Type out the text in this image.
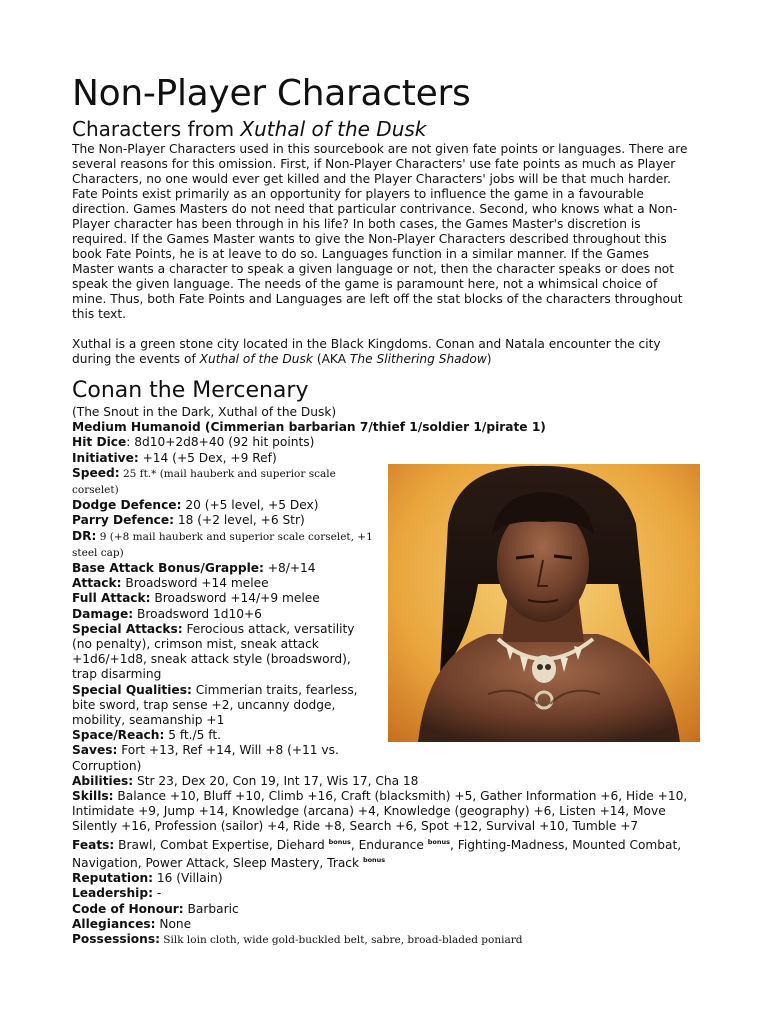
Non-Player Characters
Characters from Xuthal of the Dusk

The Non-Player Characters used in this sourcebook are not given fate points or languages. There are several reasons for this omission. First, if Non-Player Characters' use fate points as much as Player Characters, no one would ever get killed and the Player Characters' jobs will be that much harder. Fate Points exist primarily as an opportunity for players to influence the game in a favourable direction. Games Masters do not need that particular contrivance. Second, who knows what a Non-Player character has been through in his life? In both cases, the Games Master's discretion is required. If the Games Master wants to give the Non-Player Characters described throughout this book Fate Points, he is at leave to do so. Languages function in a similar manner. If the Games Master wants a character to speak a given language or not, then the character speaks or does not speak the given language. The needs of the game is paramount here, not a whimsical choice of mine. Thus, both Fate Points and Languages are left off the stat blocks of the characters throughout this text.

Xuthal is a green stone city located in the Black Kingdoms. Conan and Natala encounter the city during the events of Xuthal of the Dusk (AKA The Slithering Shadow)

Conan the Mercenary

(The Snout in the Dark, Xuthal of the Dusk)

Medium Humanoid (Cimmerian barbarian 7/thief 1/soldier 1/pirate 1)

Hit Dice: 8d10+2d8+40 (92 hit points)

Initiative: +14 (+5 Dex, +9 Ref)

Speed: 25 ft.* (mail hauberk and superior scale corselet)

Dodge Defence: 20 (+5 level, +5 Dex)

Parry Defence: 18 (+2 level, +6 Str)

DR: 9 (+8 mail hauberk and superior scale corselet, +1 steel cap)

Base Attack Bonus/Grapple: +8/+14

Attack: Broadsword +14 melee

Full Attack: Broadsword +14/+9 melee

Damage: Broadsword 1d10+6

Special Attacks: Ferocious attack, versatility (no penalty), crimson mist, sneak attack +1d6/+1d8, sneak attack style (broadsword), trap disarming

Special Qualities: Cimmerian traits, fearless, bite sword, trap sense +2, uncanny dodge, mobility, seamanship +1

Space/Reach: 5 ft./5 ft.

Saves: Fort +13, Ref +14, Will +8 (+11 vs. Corruption)

Abilities: Str 23, Dex 20, Con 19, Int 17, Wis 17, Cha 18

Skills: Balance +10, Bluff +10, Climb +16, Craft (blacksmith) +5, Gather Information +6, Hide +10, Intimidate +9, Jump +14, Knowledge (arcana) +4, Knowledge (geography) +6, Listen +14, Move Silently +16, Profession (sailor) +4, Ride +8, Search +6, Spot +12, Survival +10, Tumble +7

Feats: Brawl, Combat Expertise, Diehard $^{bonus}$, Endurance $^{bonus}$, Fighting-Madness, Mounted Combat, Navigation, Power Attack, Sleep Mastery, Track $^{bonus}$

Reputation: 16 (Villain)

Leadership: -

Code of Honour: Barbaric

Allegiances: None

Possessions: Silk loin cloth, wide gold-buckled belt, sabre, broad-bladed poniard
